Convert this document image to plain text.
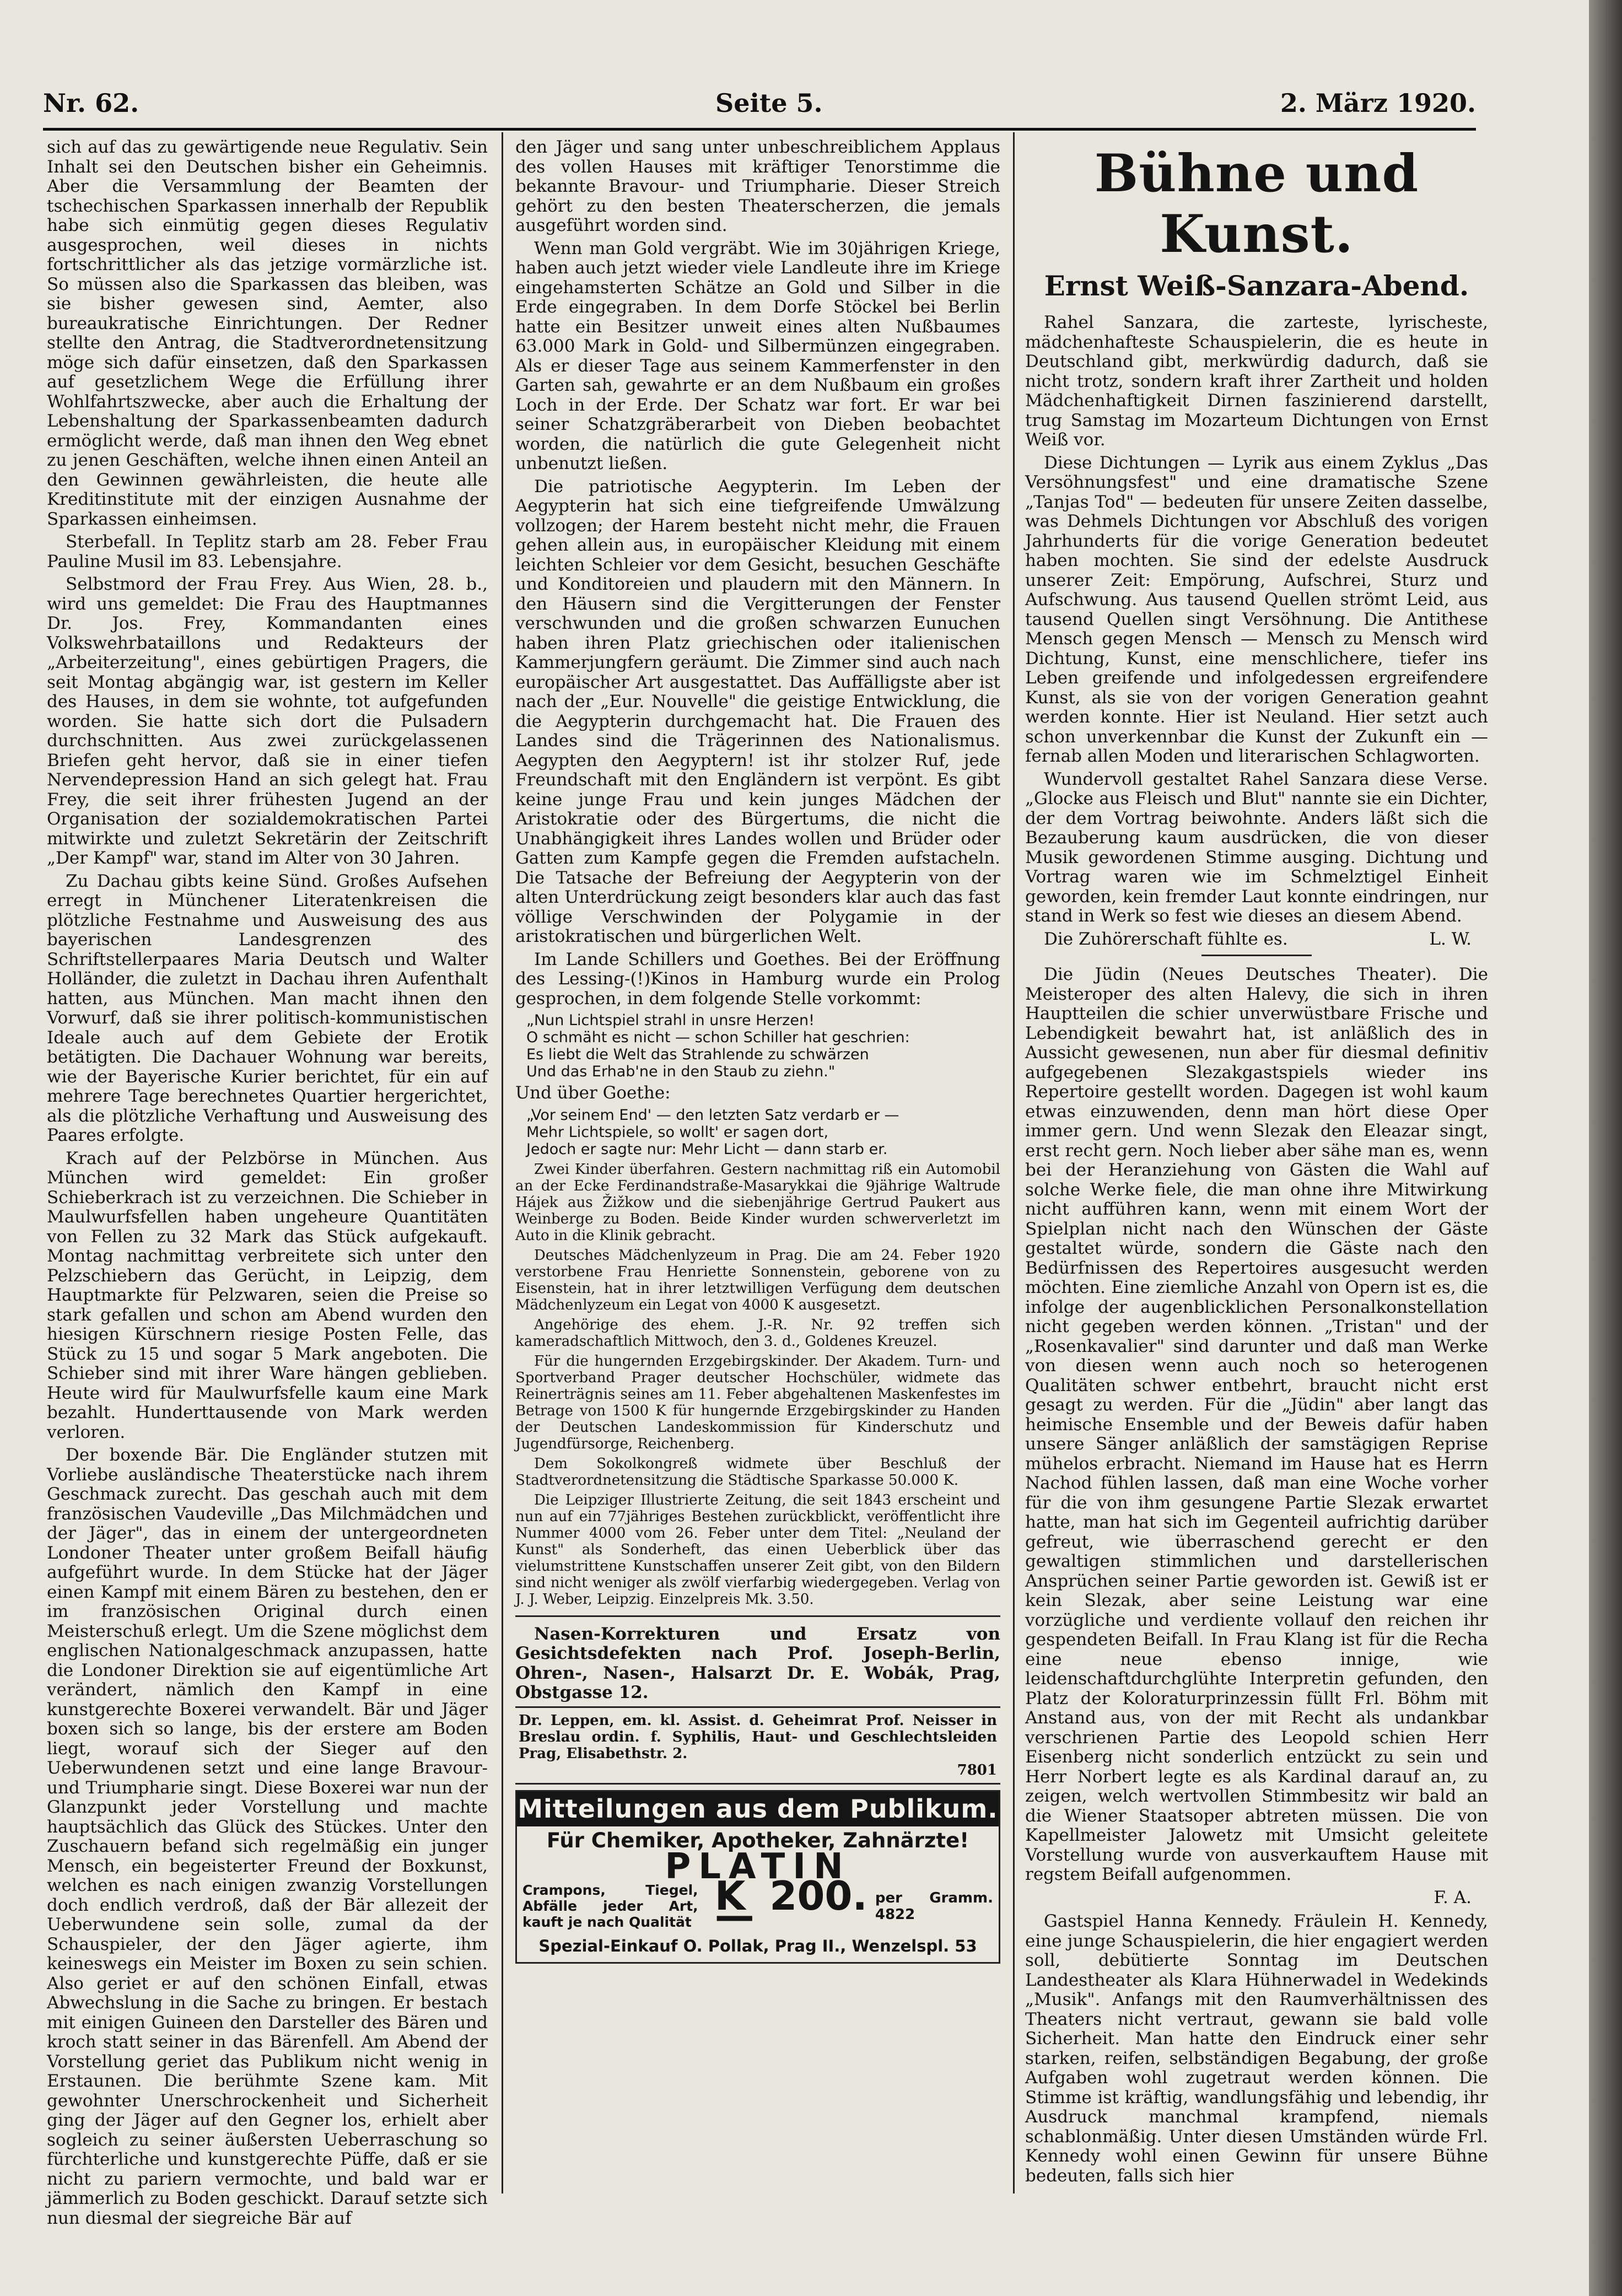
Nr. 62.	Seite 5.	2. März 1920.

sich auf das zu gewärtigende neue Regulativ. Sein Inhalt sei den Deutschen bisher ein Geheimnis. Aber die Versammlung der Beamten der tschechischen Sparkassen innerhalb der Republik habe sich einmütig gegen dieses Regulativ ausgesprochen, weil dieses in nichts fortschrittlicher als das jetzige vormärzliche ist. So müssen also die Sparkassen das bleiben, was sie bisher gewesen sind, Aemter, also bureaukratische Einrichtungen. Der Redner stellte den Antrag, die Stadtverordnetensitzung möge sich dafür einsetzen, daß den Sparkassen auf gesetzlichem Wege die Erfüllung ihrer Wohlfahrtszwecke, aber auch die Erhaltung der Lebenshaltung der Sparkassenbeamten dadurch ermöglicht werde, daß man ihnen den Weg ebnet zu jenen Geschäften, welche ihnen einen Anteil an den Gewinnen gewährleisten, die heute alle Kreditinstitute mit der einzigen Ausnahme der Sparkassen einheimsen.

Sterbefall. In Teplitz starb am 28. Feber Frau Pauline Musil im 83. Lebensjahre.

Selbstmord der Frau Frey. Aus Wien, 28. b., wird uns gemeldet: Die Frau des Hauptmannes Dr. Jos. Frey, Kommandanten eines Volkswehrbataillons und Redakteurs der „Arbeiterzeitung", eines gebürtigen Pragers, die seit Montag abgängig war, ist gestern im Keller des Hauses, in dem sie wohnte, tot aufgefunden worden. Sie hatte sich dort die Pulsadern durchschnitten. Aus zwei zurückgelassenen Briefen geht hervor, daß sie in einer tiefen Nervendepression Hand an sich gelegt hat. Frau Frey, die seit ihrer frühesten Jugend an der Organisation der sozialdemokratischen Partei mitwirkte und zuletzt Sekretärin der Zeitschrift „Der Kampf" war, stand im Alter von 30 Jahren.

Zu Dachau gibts keine Sünd. Großes Aufsehen erregt in Münchener Literatenkreisen die plötzliche Festnahme und Ausweisung des aus bayerischen Landesgrenzen des Schriftstellerpaares Maria Deutsch und Walter Holländer, die zuletzt in Dachau ihren Aufenthalt hatten, aus München. Man macht ihnen den Vorwurf, daß sie ihrer politisch-kommunistischen Ideale auch auf dem Gebiete der Erotik betätigten. Die Dachauer Wohnung war bereits, wie der Bayerische Kurier berichtet, für ein auf mehrere Tage berechnetes Quartier hergerichtet, als die plötzliche Verhaftung und Ausweisung des Paares erfolgte.

Krach auf der Pelzbörse in München. Aus München wird gemeldet: Ein großer Schieberkrach ist zu verzeichnen. Die Schieber in Maulwurfsfellen haben ungeheure Quantitäten von Fellen zu 32 Mark das Stück aufgekauft. Montag nachmittag verbreitete sich unter den Pelzschiebern das Gerücht, in Leipzig, dem Hauptmarkte für Pelzwaren, seien die Preise so stark gefallen und schon am Abend wurden den hiesigen Kürschnern riesige Posten Felle, das Stück zu 15 und sogar 5 Mark angeboten. Die Schieber sind mit ihrer Ware hängen geblieben. Heute wird für Maulwurfsfelle kaum eine Mark bezahlt. Hunderttausende von Mark werden verloren.

Der boxende Bär. Die Engländer stutzen mit Vorliebe ausländische Theaterstücke nach ihrem Geschmack zurecht. Das geschah auch mit dem französischen Vaudeville „Das Milchmädchen und der Jäger", das in einem der untergeordneten Londoner Theater unter großem Beifall häufig aufgeführt wurde. In dem Stücke hat der Jäger einen Kampf mit einem Bären zu bestehen, den er im französischen Original durch einen Meisterschuß erlegt. Um die Szene möglichst dem englischen Nationalgeschmack anzupassen, hatte die Londoner Direktion sie auf eigentümliche Art verändert, nämlich den Kampf in eine kunstgerechte Boxerei verwandelt. Bär und Jäger boxen sich so lange, bis der erstere am Boden liegt, worauf sich der Sieger auf den Ueberwundenen setzt und eine lange Bravour- und Triumpharie singt. Diese Boxerei war nun der Glanzpunkt jeder Vorstellung und machte hauptsächlich das Glück des Stückes. Unter den Zuschauern befand sich regelmäßig ein junger Mensch, ein begeisterter Freund der Boxkunst, welchen es nach einigen zwanzig Vorstellungen doch endlich verdroß, daß der Bär allezeit der Ueberwundene sein solle, zumal da der Schauspieler, der den Jäger agierte, ihm keineswegs ein Meister im Boxen zu sein schien. Also geriet er auf den schönen Einfall, etwas Abwechslung in die Sache zu bringen. Er bestach mit einigen Guineen den Darsteller des Bären und kroch statt seiner in das Bärenfell. Am Abend der Vorstellung geriet das Publikum nicht wenig in Erstaunen. Die berühmte Szene kam. Mit gewohnter Unerschrockenheit und Sicherheit ging der Jäger auf den Gegner los, erhielt aber sogleich zu seiner äußersten Ueberraschung so fürchterliche und kunstgerechte Püffe, daß er sie nicht zu pariern vermochte, und bald war er jämmerlich zu Boden geschickt. Darauf setzte sich nun diesmal der siegreiche Bär auf

den Jäger und sang unter unbeschreiblichem Applaus des vollen Hauses mit kräftiger Tenorstimme die bekannte Bravour- und Triumpharie. Dieser Streich gehört zu den besten Theaterscherzen, die jemals ausgeführt worden sind.

Wenn man Gold vergräbt. Wie im 30jährigen Kriege, haben auch jetzt wieder viele Landleute ihre im Kriege eingehamsterten Schätze an Gold und Silber in die Erde eingegraben. In dem Dorfe Stöckel bei Berlin hatte ein Besitzer unweit eines alten Nußbaumes 63.000 Mark in Gold- und Silbermünzen eingegraben. Als er dieser Tage aus seinem Kammerfenster in den Garten sah, gewahrte er an dem Nußbaum ein großes Loch in der Erde. Der Schatz war fort. Er war bei seiner Schatzgräberarbeit von Dieben beobachtet worden, die natürlich die gute Gelegenheit nicht unbenutzt ließen.

Die patriotische Aegypterin. Im Leben der Aegypterin hat sich eine tiefgreifende Umwälzung vollzogen; der Harem besteht nicht mehr, die Frauen gehen allein aus, in europäischer Kleidung mit einem leichten Schleier vor dem Gesicht, besuchen Geschäfte und Konditoreien und plaudern mit den Männern. In den Häusern sind die Vergitterungen der Fenster verschwunden und die großen schwarzen Eunuchen haben ihren Platz griechischen oder italienischen Kammerjungfern geräumt. Die Zimmer sind auch nach europäischer Art ausgestattet. Das Auffälligste aber ist nach der „Eur. Nouvelle" die geistige Entwicklung, die die Aegypterin durchgemacht hat. Die Frauen des Landes sind die Trägerinnen des Nationalismus. Aegypten den Aegyptern! ist ihr stolzer Ruf, jede Freundschaft mit den Engländern ist verpönt. Es gibt keine junge Frau und kein junges Mädchen der Aristokratie oder des Bürgertums, die nicht die Unabhängigkeit ihres Landes wollen und Brüder oder Gatten zum Kampfe gegen die Fremden aufstacheln. Die Tatsache der Befreiung der Aegypterin von der alten Unterdrückung zeigt besonders klar auch das fast völlige Verschwinden der Polygamie in der aristokratischen und bürgerlichen Welt.

Im Lande Schillers und Goethes. Bei der Eröffnung des Lessing-(!)Kinos in Hamburg wurde ein Prolog gesprochen, in dem folgende Stelle vorkommt:

„Nun Lichtspiel strahl in unsre Herzen!
O schmäht es nicht — schon Schiller hat geschrien:
Es liebt die Welt das Strahlende zu schwärzen
Und das Erhab'ne in den Staub zu ziehn."

Und über Goethe:

„Vor seinem End' — den letzten Satz verdarb er —
Mehr Lichtspiele, so wollt' er sagen dort,
Jedoch er sagte nur: Mehr Licht — dann starb er.

Zwei Kinder überfahren. Gestern nachmittag riß ein Automobil an der Ecke Ferdinandstraße-Masarykkai die 9jährige Waltrude Hájek aus Žižkow und die siebenjährige Gertrud Paukert aus Weinberge zu Boden. Beide Kinder wurden schwerverletzt im Auto in die Klinik gebracht.

Deutsches Mädchenlyzeum in Prag. Die am 24. Feber 1920 verstorbene Frau Henriette Sonnenstein, geborene von zu Eisenstein, hat in ihrer letztwilligen Verfügung dem deutschen Mädchenlyzeum ein Legat von 4000 K ausgesetzt.

Angehörige des ehem. J.-R. Nr. 92 treffen sich kameradschaftlich Mittwoch, den 3. d., Goldenes Kreuzel.

Für die hungernden Erzgebirgskinder. Der Akadem. Turn- und Sportverband Prager deutscher Hochschüler, widmete das Reinerträgnis seines am 11. Feber abgehaltenen Maskenfestes im Betrage von 1500 K für hungernde Erzgebirgskinder zu Handen der Deutschen Landeskommission für Kinderschutz und Jugendfürsorge, Reichenberg.

Dem Sokolkongreß widmete über Beschluß der Stadtverordnetensitzung die Städtische Sparkasse 50.000 K.

Die Leipziger Illustrierte Zeitung, die seit 1843 erscheint und nun auf ein 77jähriges Bestehen zurückblickt, veröffentlicht ihre Nummer 4000 vom 26. Feber unter dem Titel: „Neuland der Kunst" als Sonderheft, das einen Ueberblick über das vielumstrittene Kunstschaffen unserer Zeit gibt, von den Bildern sind nicht weniger als zwölf vierfarbig wiedergegeben. Verlag von J. J. Weber, Leipzig. Einzelpreis Mk. 3.50.

Nasen-Korrekturen und Ersatz von Gesichtsdefekten nach Prof. Joseph-Berlin, Ohren-, Nasen-, Halsarzt Dr. E. Wobák, Prag, Obstgasse 12.

Dr. Leppen, em. kl. Assist. d. Geheimrat Prof. Neisser in Breslau ordin. f. Syphilis, Haut- und Geschlechtsleiden Prag, Elisabethstr. 2.

7801

Mitteilungen aus dem Publikum.
Für Chemiker, Apotheker, Zahnärzte!
PLATIN
Crampons, Tiegel, Abfälle jeder Art, kauft je nach Qualität
K 200.—	per Gramm. 4822
Spezial-Einkauf O. Pollak, Prag II., Wenzelspl. 53
Bühne und Kunst.
Ernst Weiß-Sanzara-Abend.

Rahel Sanzara, die zarteste, lyrischeste, mädchenhafteste Schauspielerin, die es heute in Deutschland gibt, merkwürdig dadurch, daß sie nicht trotz, sondern kraft ihrer Zartheit und holden Mädchenhaftigkeit Dirnen faszinierend darstellt, trug Samstag im Mozarteum Dichtungen von Ernst Weiß vor.

Diese Dichtungen — Lyrik aus einem Zyklus „Das Versöhnungsfest" und eine dramatische Szene „Tanjas Tod" — bedeuten für unsere Zeiten dasselbe, was Dehmels Dichtungen vor Abschluß des vorigen Jahrhunderts für die vorige Generation bedeutet haben mochten. Sie sind der edelste Ausdruck unserer Zeit: Empörung, Aufschrei, Sturz und Aufschwung. Aus tausend Quellen strömt Leid, aus tausend Quellen singt Versöhnung. Die Antithese Mensch gegen Mensch — Mensch zu Mensch wird Dichtung, Kunst, eine menschlichere, tiefer ins Leben greifende und infolgedessen ergreifendere Kunst, als sie von der vorigen Generation geahnt werden konnte. Hier ist Neuland. Hier setzt auch schon unverkennbar die Kunst der Zukunft ein — fernab allen Moden und literarischen Schlagworten.

Wundervoll gestaltet Rahel Sanzara diese Verse. „Glocke aus Fleisch und Blut" nannte sie ein Dichter, der dem Vortrag beiwohnte. Anders läßt sich die Bezauberung kaum ausdrücken, die von dieser Musik gewordenen Stimme ausging. Dichtung und Vortrag waren wie im Schmelztigel Einheit geworden, kein fremder Laut konnte eindringen, nur stand in Werk so fest wie dieses an diesem Abend.

Die Zuhörerschaft fühlte es.	L. W.

Die Jüdin (Neues Deutsches Theater). Die Meisteroper des alten Halevy, die sich in ihren Hauptteilen die schier unverwüstbare Frische und Lebendigkeit bewahrt hat, ist anläßlich des in Aussicht gewesenen, nun aber für diesmal definitiv aufgegebenen Slezakgastspiels wieder ins Repertoire gestellt worden. Dagegen ist wohl kaum etwas einzuwenden, denn man hört diese Oper immer gern. Und wenn Slezak den Eleazar singt, erst recht gern. Noch lieber aber sähe man es, wenn bei der Heranziehung von Gästen die Wahl auf solche Werke fiele, die man ohne ihre Mitwirkung nicht aufführen kann, wenn mit einem Wort der Spielplan nicht nach den Wünschen der Gäste gestaltet würde, sondern die Gäste nach den Bedürfnissen des Repertoires ausgesucht werden möchten. Eine ziemliche Anzahl von Opern ist es, die infolge der augenblicklichen Personalkonstellation nicht gegeben werden können. „Tristan" und der „Rosenkavalier" sind darunter und daß man Werke von diesen wenn auch noch so heterogenen Qualitäten schwer entbehrt, braucht nicht erst gesagt zu werden. Für die „Jüdin" aber langt das heimische Ensemble und der Beweis dafür haben unsere Sänger anläßlich der samstägigen Reprise mühelos erbracht. Niemand im Hause hat es Herrn Nachod fühlen lassen, daß man eine Woche vorher für die von ihm gesungene Partie Slezak erwartet hatte, man hat sich im Gegenteil aufrichtig darüber gefreut, wie überraschend gerecht er den gewaltigen stimmlichen und darstellerischen Ansprüchen seiner Partie geworden ist. Gewiß ist er kein Slezak, aber seine Leistung war eine vorzügliche und verdiente vollauf den reichen ihr gespendeten Beifall. In Frau Klang ist für die Recha eine neue ebenso innige, wie leidenschaftdurchglühte Interpretin gefunden, den Platz der Koloraturprinzessin füllt Frl. Böhm mit Anstand aus, von der mit Recht als undankbar verschrienen Partie des Leopold schien Herr Eisenberg nicht sonderlich entzückt zu sein und Herr Norbert legte es als Kardinal darauf an, zu zeigen, welch wertvollen Stimmbesitz wir bald an die Wiener Staatsoper abtreten müssen. Die von Kapellmeister Jalowetz mit Umsicht geleitete Vorstellung wurde von ausverkauftem Hause mit regstem Beifall aufgenommen.

F. A.

Gastspiel Hanna Kennedy. Fräulein H. Kennedy, eine junge Schauspielerin, die hier engagiert werden soll, debütierte Sonntag im Deutschen Landestheater als Klara Hühnerwadel in Wedekinds „Musik". Anfangs mit den Raumverhältnissen des Theaters nicht vertraut, gewann sie bald volle Sicherheit. Man hatte den Eindruck einer sehr starken, reifen, selbständigen Begabung, der große Aufgaben wohl zugetraut werden können. Die Stimme ist kräftig, wandlungsfähig und lebendig, ihr Ausdruck manchmal krampfend, niemals schablonmäßig. Unter diesen Umständen würde Frl. Kennedy wohl einen Gewinn für unsere Bühne bedeuten, falls sich hier
